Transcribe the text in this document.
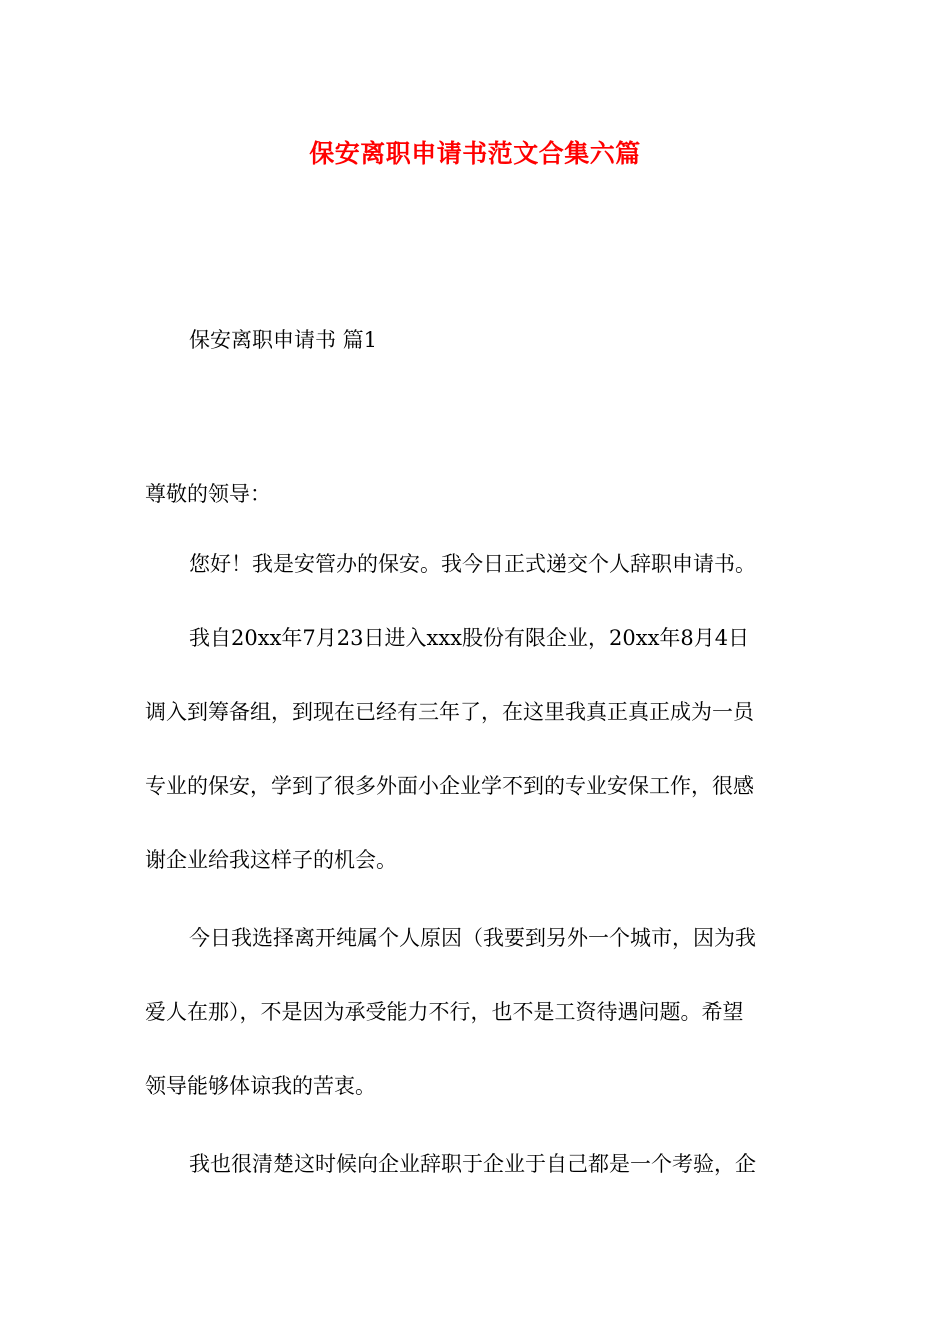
保安离职申请书范文合集六篇
保安离职申请书 篇1
尊敬的领导：
您好！我是安管办的保安。我今日正式递交个人辞职申请书。
我自20xx年7月23日进入xxx股份有限企业，20xx年8月4日
调入到筹备组，到现在已经有三年了，在这里我真正真正成为一员
专业的保安，学到了很多外面小企业学不到的专业安保工作，很感
谢企业给我这样子的机会。
今日我选择离开纯属个人原因（我要到另外一个城市，因为我
爱人在那），不是因为承受能力不行，也不是工资待遇问题。希望
领导能够体谅我的苦衷。
我也很清楚这时候向企业辞职于企业于自己都是一个考验，企
